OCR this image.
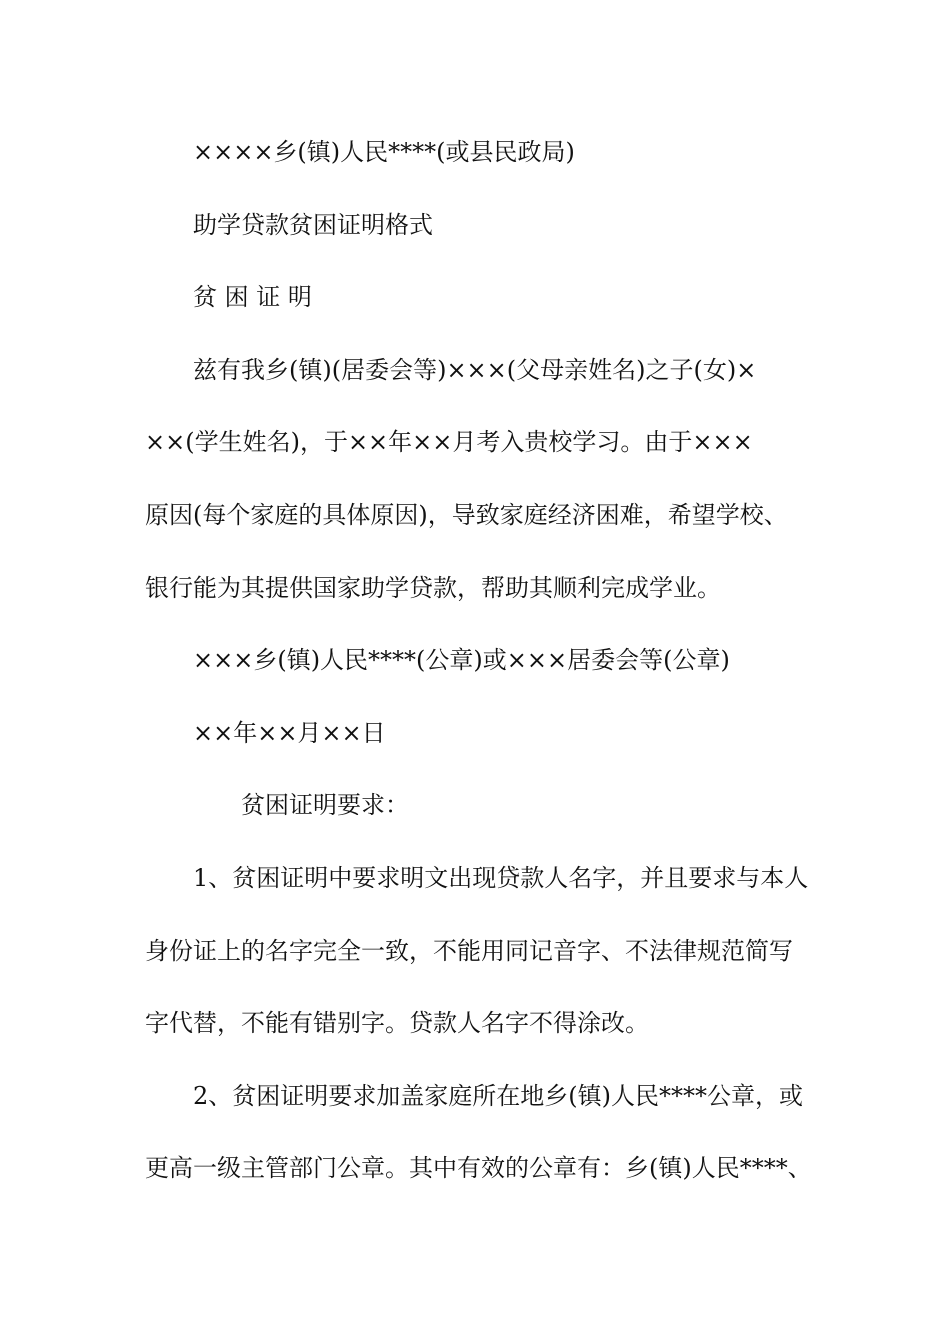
××××乡(镇)人民****(或县民政局)
助学贷款贫困证明格式
贫 困 证 明
兹有我乡(镇)(居委会等)×××(父母亲姓名)之子(女)×
××(学生姓名)，于××年××月考入贵校学习。由于×××
原因(每个家庭的具体原因)，导致家庭经济困难，希望学校、
银行能为其提供国家助学贷款，帮助其顺利完成学业。
×××乡(镇)人民****(公章)或×××居委会等(公章)
××年××月××日
贫困证明要求：
1、贫困证明中要求明文出现贷款人名字，并且要求与本人
身份证上的名字完全一致，不能用同记音字、不法律规范简写
字代替，不能有错别字。贷款人名字不得涂改。
2、贫困证明要求加盖家庭所在地乡(镇)人民****公章，或
更高一级主管部门公章。其中有效的公章有：乡(镇)人民****、
